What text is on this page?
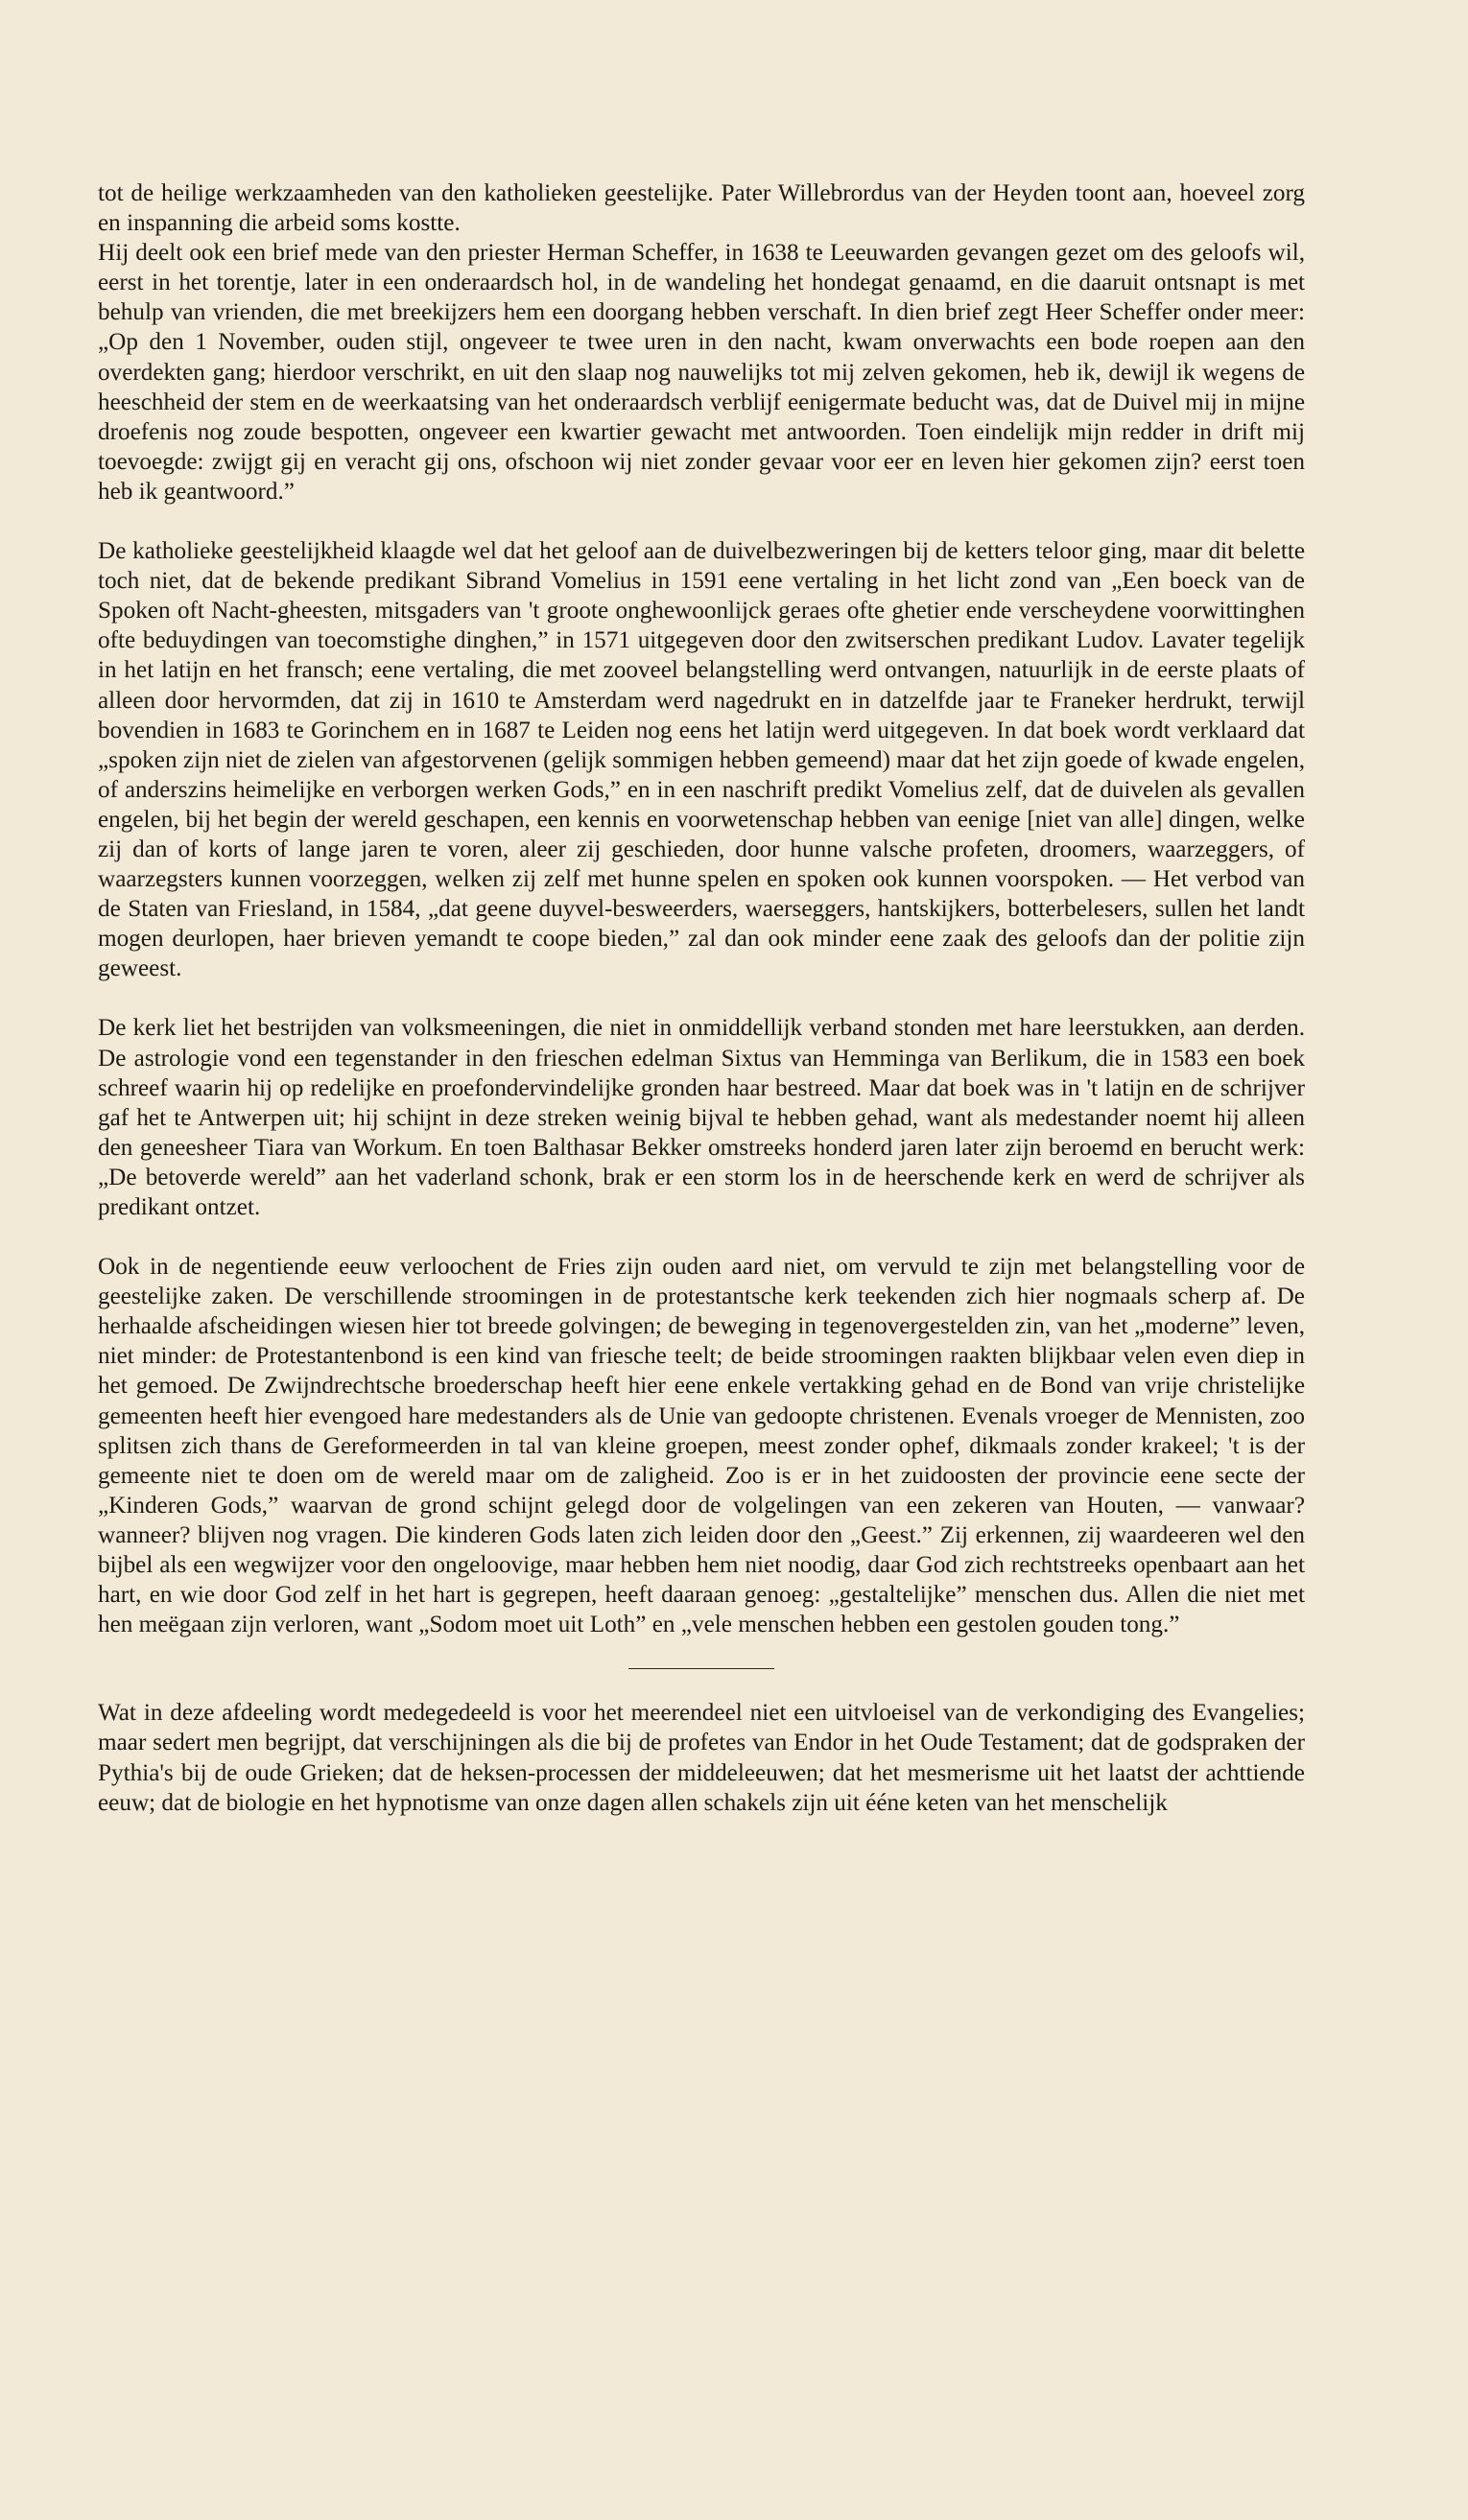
tot de heilige werkzaamheden van den katholieken geestelijke. Pater Willebrordus van der Heyden toont aan, hoeveel zorg en inspanning die arbeid soms kostte.

Hij deelt ook een brief mede van den priester Herman Scheffer, in 1638 te Leeuwarden gevangen gezet om des geloofs wil, eerst in het torentje, later in een onderaardsch hol, in de wandeling het hondegat genaamd, en die daaruit ontsnapt is met behulp van vrienden, die met breekijzers hem een doorgang hebben verschaft. In dien brief zegt Heer Scheffer onder meer: „Op den 1 November, ouden stijl, ongeveer te twee uren in den nacht, kwam onverwachts een bode roepen aan den overdekten gang; hierdoor verschrikt, en uit den slaap nog nauwelijks tot mij zelven gekomen, heb ik, dewijl ik wegens de heeschheid der stem en de weerkaatsing van het onderaardsch verblijf eenigermate beducht was, dat de Duivel mij in mijne droefenis nog zoude bespotten, ongeveer een kwartier gewacht met antwoorden. Toen eindelijk mijn redder in drift mij toevoegde: zwijgt gij en veracht gij ons, ofschoon wij niet zonder gevaar voor eer en leven hier gekomen zijn? eerst toen heb ik geantwoord.”

De katholieke geestelijkheid klaagde wel dat het geloof aan de duivelbezweringen bij de ketters teloor ging, maar dit belette toch niet, dat de bekende predikant Sibrand Vomelius in 1591 eene vertaling in het licht zond van „Een boeck van de Spoken oft Nacht-gheesten, mitsgaders van 't groote onghewoonlijck geraes ofte ghetier ende verscheydene voorwittinghen ofte beduydingen van toecomstighe dinghen,” in 1571 uitgegeven door den zwitserschen predikant Ludov. Lavater tegelijk in het latijn en het fransch; eene vertaling, die met zooveel belangstelling werd ontvangen, natuurlijk in de eerste plaats of alleen door hervormden, dat zij in 1610 te Amsterdam werd nagedrukt en in datzelfde jaar te Franeker herdrukt, terwijl bovendien in 1683 te Gorinchem en in 1687 te Leiden nog eens het latijn werd uitgegeven. In dat boek wordt verklaard dat „spoken zijn niet de zielen van afgestorvenen (gelijk sommigen hebben gemeend) maar dat het zijn goede of kwade engelen, of anderszins heimelijke en verborgen werken Gods,” en in een naschrift predikt Vomelius zelf, dat de duivelen als gevallen engelen, bij het begin der wereld geschapen, een kennis en voorwetenschap hebben van eenige [niet van alle] dingen, welke zij dan of korts of lange jaren te voren, aleer zij geschieden, door hunne valsche profeten, droomers, waarzeggers, of waarzegsters kunnen voorzeggen, welken zij zelf met hunne spelen en spoken ook kunnen voorspoken. — Het verbod van de Staten van Friesland, in 1584, „dat geene duyvel-besweerders, waerseggers, hantskijkers, botterbelesers, sullen het landt mogen deurlopen, haer brieven yemandt te coope bieden,” zal dan ook minder eene zaak des geloofs dan der politie zijn geweest.

De kerk liet het bestrijden van volksmeeningen, die niet in onmiddellijk verband stonden met hare leerstukken, aan derden. De astrologie vond een tegenstander in den frieschen edelman Sixtus van Hemminga van Berlikum, die in 1583 een boek schreef waarin hij op redelijke en proefondervindelijke gronden haar bestreed. Maar dat boek was in 't latijn en de schrijver gaf het te Antwerpen uit; hij schijnt in deze streken weinig bijval te hebben gehad, want als medestander noemt hij alleen den geneesheer Tiara van Workum. En toen Balthasar Bekker omstreeks honderd jaren later zijn beroemd en berucht werk: „De betoverde wereld” aan het vaderland schonk, brak er een storm los in de heerschende kerk en werd de schrijver als predikant ontzet.

Ook in de negentiende eeuw verloochent de Fries zijn ouden aard niet, om vervuld te zijn met belangstelling voor de geestelijke zaken. De verschillende stroomingen in de protestantsche kerk teekenden zich hier nogmaals scherp af. De herhaalde afscheidingen wiesen hier tot breede golvingen; de beweging in tegenovergestelden zin, van het „moderne” leven, niet minder: de Protestantenbond is een kind van friesche teelt; de beide stroomingen raakten blijkbaar velen even diep in het gemoed. De Zwijndrechtsche broederschap heeft hier eene enkele vertakking gehad en de Bond van vrije christelijke gemeenten heeft hier evengoed hare medestanders als de Unie van gedoopte christenen. Evenals vroeger de Mennisten, zoo splitsen zich thans de Gereformeerden in tal van kleine groepen, meest zonder ophef, dikmaals zonder krakeel; 't is der gemeente niet te doen om de wereld maar om de zaligheid. Zoo is er in het zuidoosten der provincie eene secte der „Kinderen Gods,” waarvan de grond schijnt gelegd door de volgelingen van een zekeren van Houten, — vanwaar? wanneer? blijven nog vragen. Die kinderen Gods laten zich leiden door den „Geest.” Zij erkennen, zij waardeeren wel den bijbel als een wegwijzer voor den ongeloovige, maar hebben hem niet noodig, daar God zich rechtstreeks openbaart aan het hart, en wie door God zelf in het hart is gegrepen, heeft daaraan genoeg: „gestaltelijke” menschen dus. Allen die niet met hen meëgaan zijn verloren, want „Sodom moet uit Loth” en „vele menschen hebben een gestolen gouden tong.”

Wat in deze afdeeling wordt medegedeeld is voor het meerendeel niet een uitvloeisel van de verkondiging des Evangelies; maar sedert men begrijpt, dat verschijningen als die bij de profetes van Endor in het Oude Testament; dat de godspraken der Pythia's bij de oude Grieken; dat de heksen-processen der middeleeuwen; dat het mesmerisme uit het laatst der achttiende eeuw; dat de biologie en het hypnotisme van onze dagen allen schakels zijn uit ééne keten van het menschelijk
